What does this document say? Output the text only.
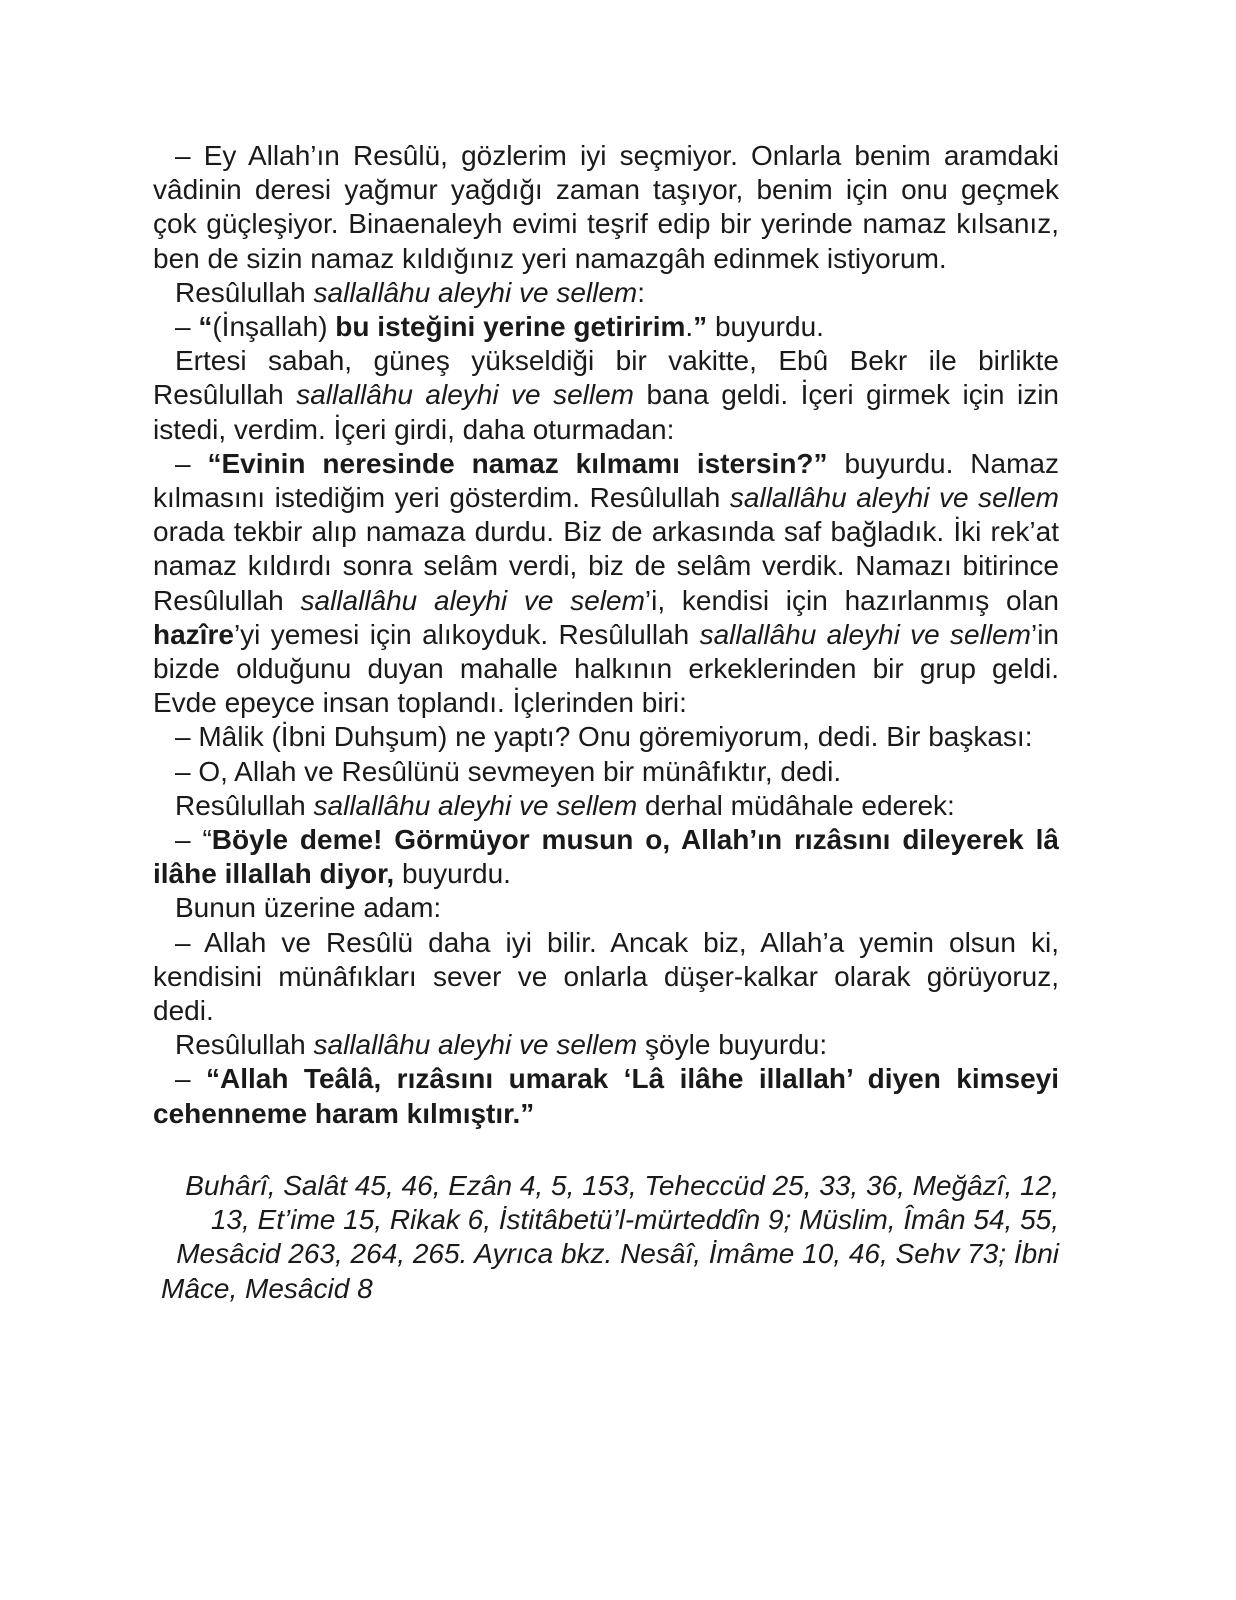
– Ey Allah’ın Resûlü, gözlerim iyi seçmiyor. Onlarla benim aramdaki vâdinin deresi yağmur yağdığı zaman taşıyor, benim için onu geçmek çok güçleşiyor. Binaenaleyh evimi teşrif edip bir yerinde namaz kılsanız, ben de sizin namaz kıldığınız yeri namazgâh edinmek istiyorum.

Resûlullah sallallâhu aleyhi ve sellem:

– “(İnşallah) bu isteğini yerine getiririm.” buyurdu.

Ertesi sabah, güneş yükseldiği bir vakitte, Ebû Bekr ile birlikte Resûlullah sallallâhu aleyhi ve sellem bana geldi. İçeri girmek için izin istedi, verdim. İçeri girdi, daha oturmadan:

– “Evinin neresinde namaz kılmamı istersin?” buyurdu. Namaz kılmasını istediğim yeri gösterdim. Resûlullah sallallâhu aleyhi ve sellem orada tekbir alıp namaza durdu. Biz de arkasında saf bağladık. İki rek’at namaz kıldırdı sonra selâm verdi, biz de selâm verdik. Namazı bitirince Resûlullah sallallâhu aleyhi ve selem’i, kendisi için hazırlanmış olan hazîre’yi yemesi için alıkoyduk. Resûlullah sallallâhu aleyhi ve sellem’in bizde olduğunu duyan mahalle halkının erkeklerinden bir grup geldi. Evde epeyce insan toplandı. İçlerinden biri:

– Mâlik (İbni Duhşum) ne yaptı? Onu göremiyorum, dedi. Bir başkası:

– O, Allah ve Resûlünü sevmeyen bir münâfıktır, dedi.

Resûlullah sallallâhu aleyhi ve sellem derhal müdâhale ederek:

– “Böyle deme! Görmüyor musun o, Allah’ın rızâsını dileyerek lâ ilâhe illallah diyor, buyurdu.

Bunun üzerine adam:

– Allah ve Resûlü daha iyi bilir. Ancak biz, Allah’a yemin olsun ki, kendisini münâfıkları sever ve onlarla düşer-kalkar olarak görüyoruz, dedi.

Resûlullah sallallâhu aleyhi ve sellem şöyle buyurdu:

– “Allah Teâlâ, rızâsını umarak ‘Lâ ilâhe illallah’ diyen kimseyi cehenneme haram kılmıştır.”

Buhârî, Salât 45, 46, Ezân 4, 5, 153, Teheccüd 25, 33, 36, Meğâzî, 12, 13, Et’ime 15, Rikak 6, İstitâbetü’l-mürteddîn 9; Müslim, Îmân 54, 55, Mesâcid 263, 264, 265. Ayrıca bkz. Nesâî, İmâme 10, 46, Sehv 73; İbni Mâce, Mesâcid 8
